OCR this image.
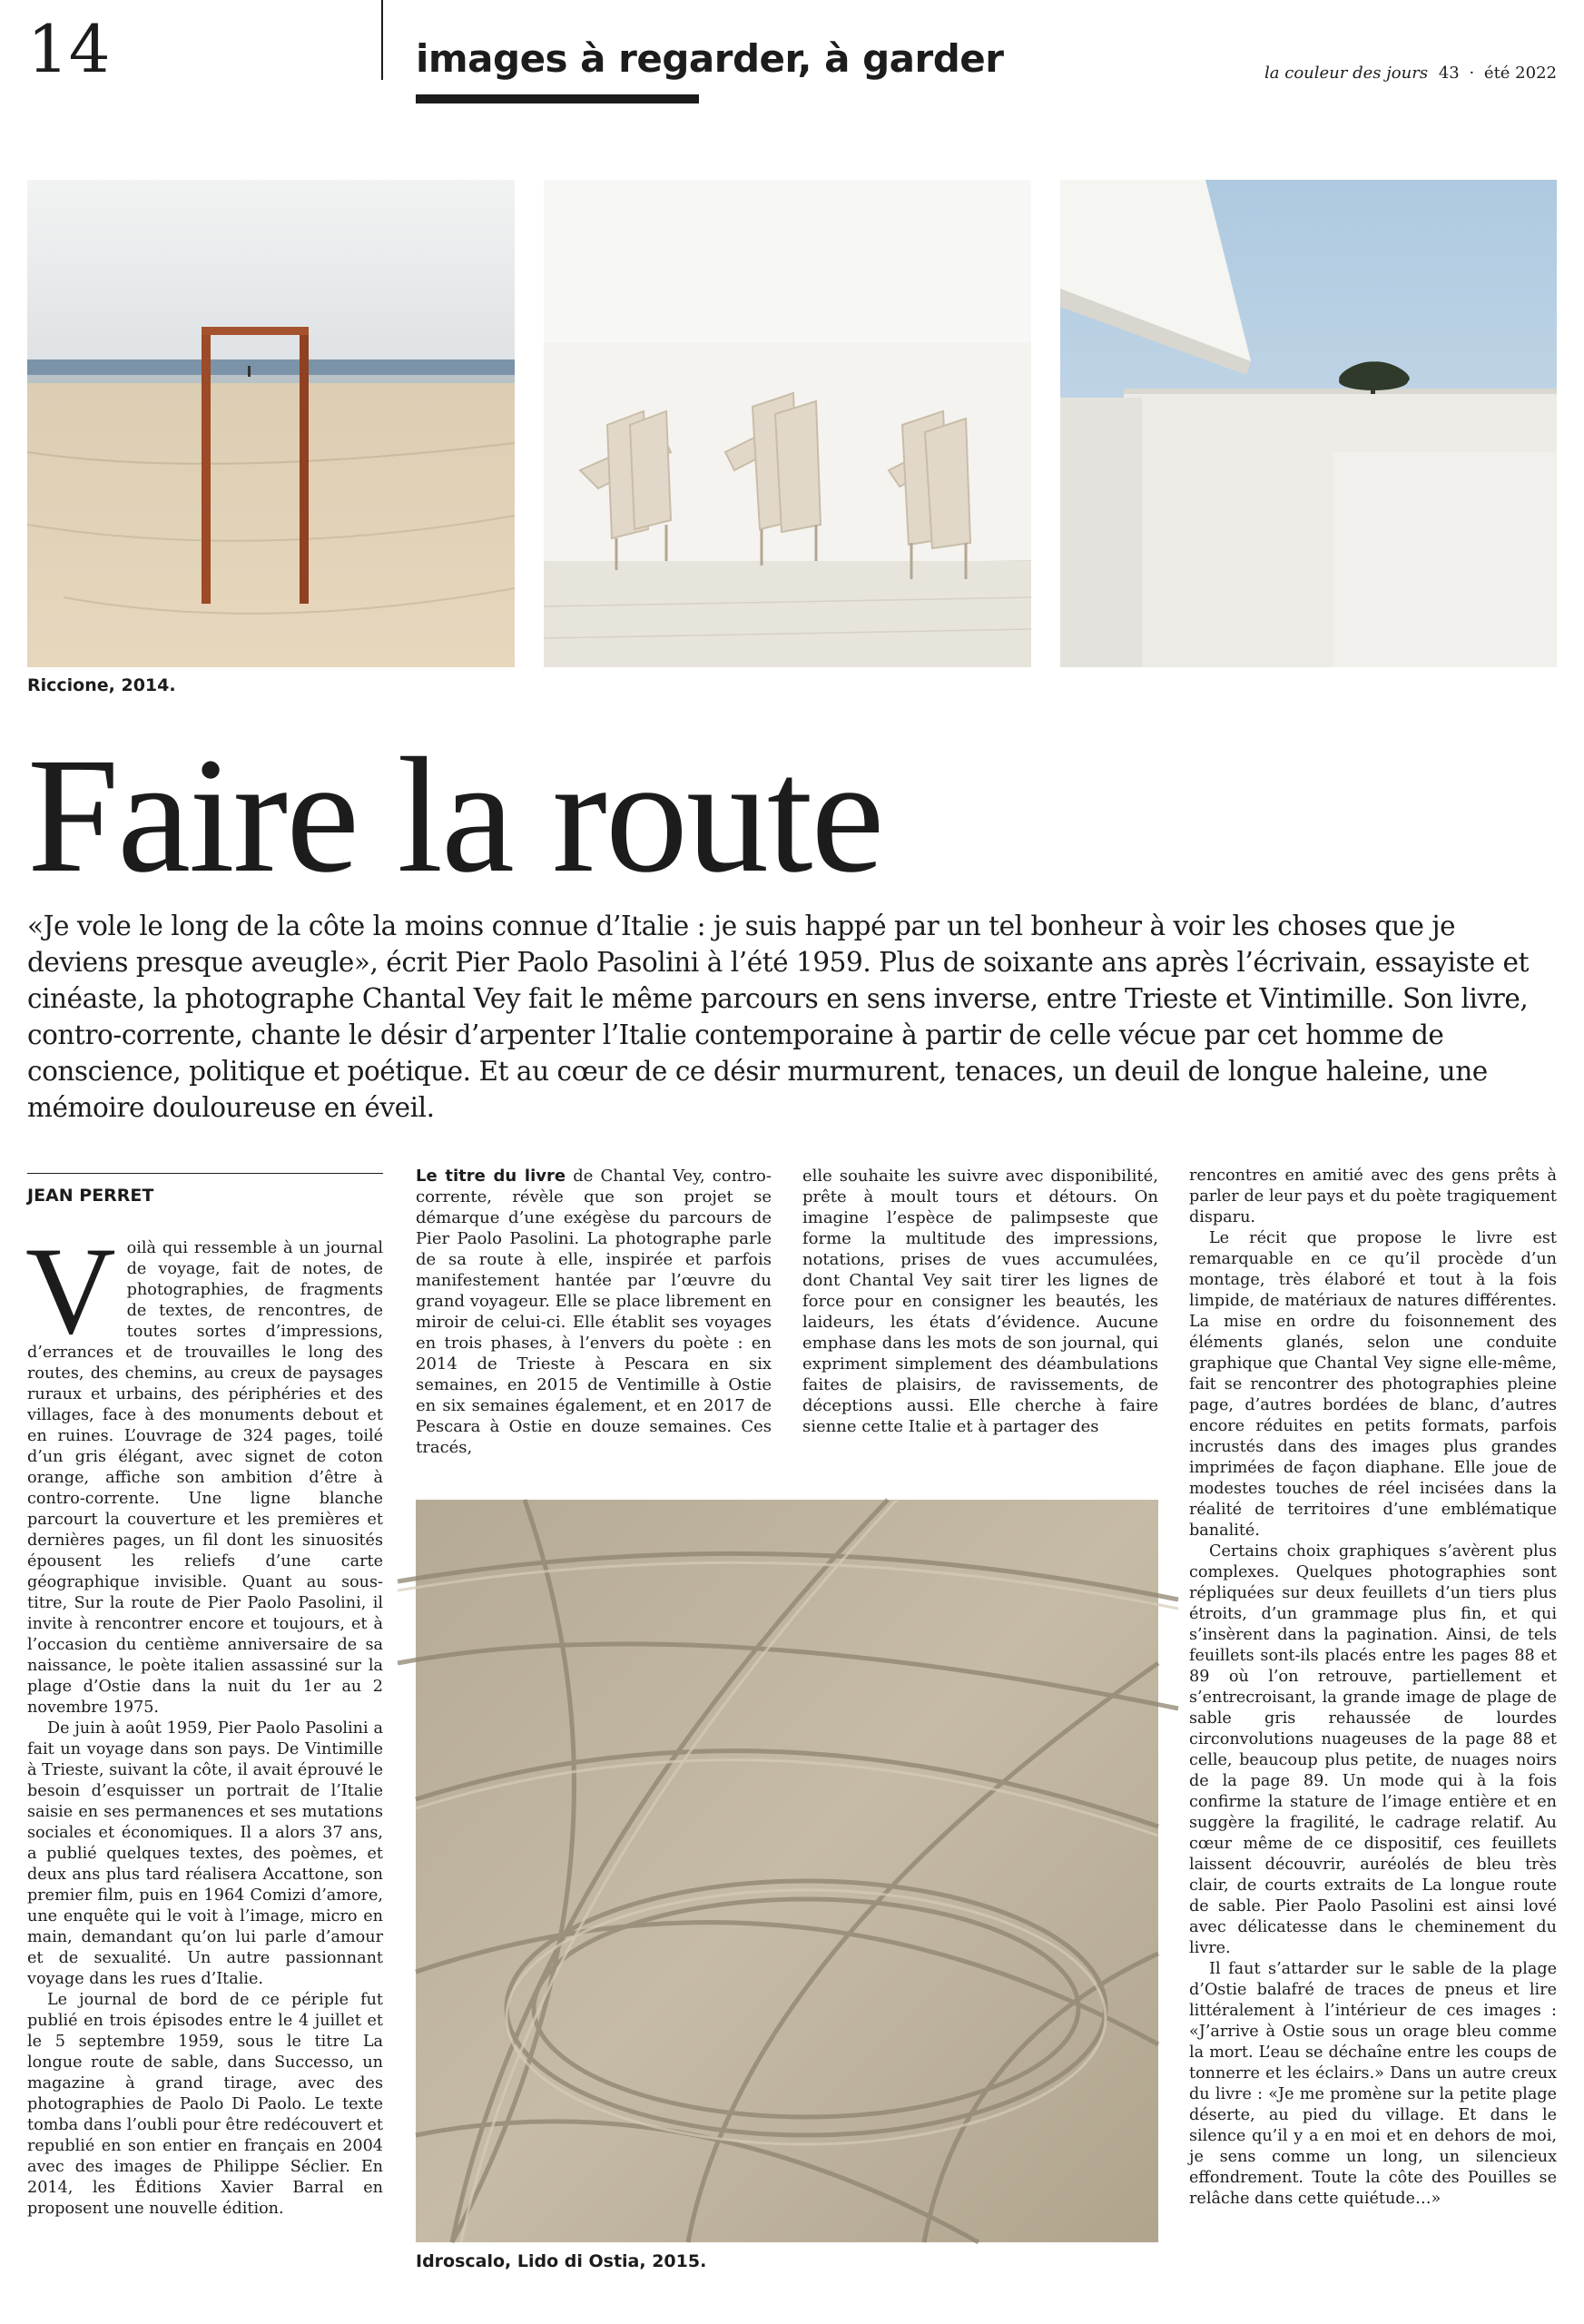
14	images à regarder, à garder	la couleur des jours 43 · été 2022
Riccione, 2014.
Faire la route

«Je vole le long de la côte la moins connue d’Italie : je suis happé par un tel bonheur à voir les choses que je deviens presque aveugle», écrit Pier Paolo Pasolini à l’été 1959. Plus de soixante ans après l’écrivain, essayiste et cinéaste, la photographe Chantal Vey fait le même parcours en sens inverse, entre Trieste et Vintimille. Son livre, contro-corrente, chante le désir d’arpenter l’Italie contemporaine à partir de celle vécue par cet homme de conscience, politique et poétique. Et au cœur de ce désir murmurent, tenaces, un deuil de longue haleine, une mémoire douloureuse en éveil.

JEAN PERRET
V oilà qui ressemble à un journal de voyage, fait de notes, de photographies, de fragments de textes, de rencontres, de toutes sortes d’impressions, d’errances et de trouvailles le long des routes, des chemins, au creux de paysages ruraux et urbains, des périphéries et des villages, face à des monuments debout et en ruines. L’ouvrage de 324 pages, toilé d’un gris élégant, avec signet de coton orange, affiche son ambition d’être à contro-corrente. Une ligne blanche parcourt la couverture et les premières et dernières pages, un fil dont les sinuosités épousent les reliefs d’une carte géographique invisible. Quant au sous-titre, Sur la route de Pier Paolo Pasolini, il invite à rencontrer encore et toujours, et à l’occasion du centième anniversaire de sa naissance, le poète italien assassiné sur la plage d’Ostie dans la nuit du 1er au 2 novembre 1975.

De juin à août 1959, Pier Paolo Pasolini a fait un voyage dans son pays. De Vintimille à Trieste, suivant la côte, il avait éprouvé le besoin d’esquisser un portrait de l’Italie saisie en ses permanences et ses mutations sociales et économiques. Il a alors 37 ans, a publié quelques textes, des poèmes, et deux ans plus tard réalisera Accattone, son premier film, puis en 1964 Comizi d’amore, une enquête qui le voit à l’image, micro en main, demandant qu’on lui parle d’amour et de sexualité. Un autre passionnant voyage dans les rues d’Italie.

Le journal de bord de ce périple fut publié en trois épisodes entre le 4 juillet et le 5 septembre 1959, sous le titre La longue route de sable, dans Successo, un magazine à grand tirage, avec des photographies de Paolo Di Paolo. Le texte tomba dans l’oubli pour être redécouvert et republié en son entier en français en 2004 avec des images de Philippe Séclier. En 2014, les Éditions Xavier Barral en proposent une nouvelle édition.

Le titre du livre de Chantal Vey, contro-corrente, révèle que son projet se démarque d’une exégèse du parcours de Pier Paolo Pasolini. La photographe parle de sa route à elle, inspirée et parfois manifestement hantée par l’œuvre du grand voyageur. Elle se place librement en miroir de celui-ci. Elle établit ses voyages en trois phases, à l’envers du poète : en 2014 de Trieste à Pescara en six semaines, en 2015 de Ventimille à Ostie en six semaines également, et en 2017 de Pescara à Ostie en douze semaines. Ces tracés,

elle souhaite les suivre avec disponibilité, prête à moult tours et détours. On imagine l’espèce de palimpseste que forme la multitude des impressions, notations, prises de vues accumulées, dont Chantal Vey sait tirer les lignes de force pour en consigner les beautés, les laideurs, les états d’évidence. Aucune emphase dans les mots de son journal, qui expriment simplement des déambulations faites de plaisirs, de ravissements, de déceptions aussi. Elle cherche à faire sienne cette Italie et à partager des

rencontres en amitié avec des gens prêts à parler de leur pays et du poète tragiquement disparu.

Le récit que propose le livre est remarquable en ce qu’il procède d’un montage, très élaboré et tout à la fois limpide, de matériaux de natures différentes. La mise en ordre du foisonnement des éléments glanés, selon une conduite graphique que Chantal Vey signe elle-même, fait se rencontrer des photographies pleine page, d’autres bordées de blanc, d’autres encore réduites en petits formats, parfois incrustés dans des images plus grandes imprimées de façon diaphane. Elle joue de modestes touches de réel incisées dans la réalité de territoires d’une emblématique banalité.

Certains choix graphiques s’avèrent plus complexes. Quelques photographies sont répliquées sur deux feuillets d’un tiers plus étroits, d’un grammage plus fin, et qui s’insèrent dans la pagination. Ainsi, de tels feuillets sont-ils placés entre les pages 88 et 89 où l’on retrouve, partiellement et s’entrecroisant, la grande image de plage de sable gris rehaussée de lourdes circonvolutions nuageuses de la page 88 et celle, beaucoup plus petite, de nuages noirs de la page 89. Un mode qui à la fois confirme la stature de l’image entière et en suggère la fragilité, le cadrage relatif. Au cœur même de ce dispositif, ces feuillets laissent découvrir, auréolés de bleu très clair, de courts extraits de La longue route de sable. Pier Paolo Pasolini est ainsi lové avec délicatesse dans le cheminement du livre.

Il faut s’attarder sur le sable de la plage d’Ostie balafré de traces de pneus et lire littéralement à l’intérieur de ces images : «J’arrive à Ostie sous un orage bleu comme la mort. L’eau se déchaîne entre les coups de tonnerre et les éclairs.» Dans un autre creux du livre : «Je me promène sur la petite plage déserte, au pied du village. Et dans le silence qu’il y a en moi et en dehors de moi, je sens comme un long, un silencieux effondrement. Toute la côte des Pouilles se relâche dans cette quiétude…»

Idroscalo, Lido di Ostia, 2015.
